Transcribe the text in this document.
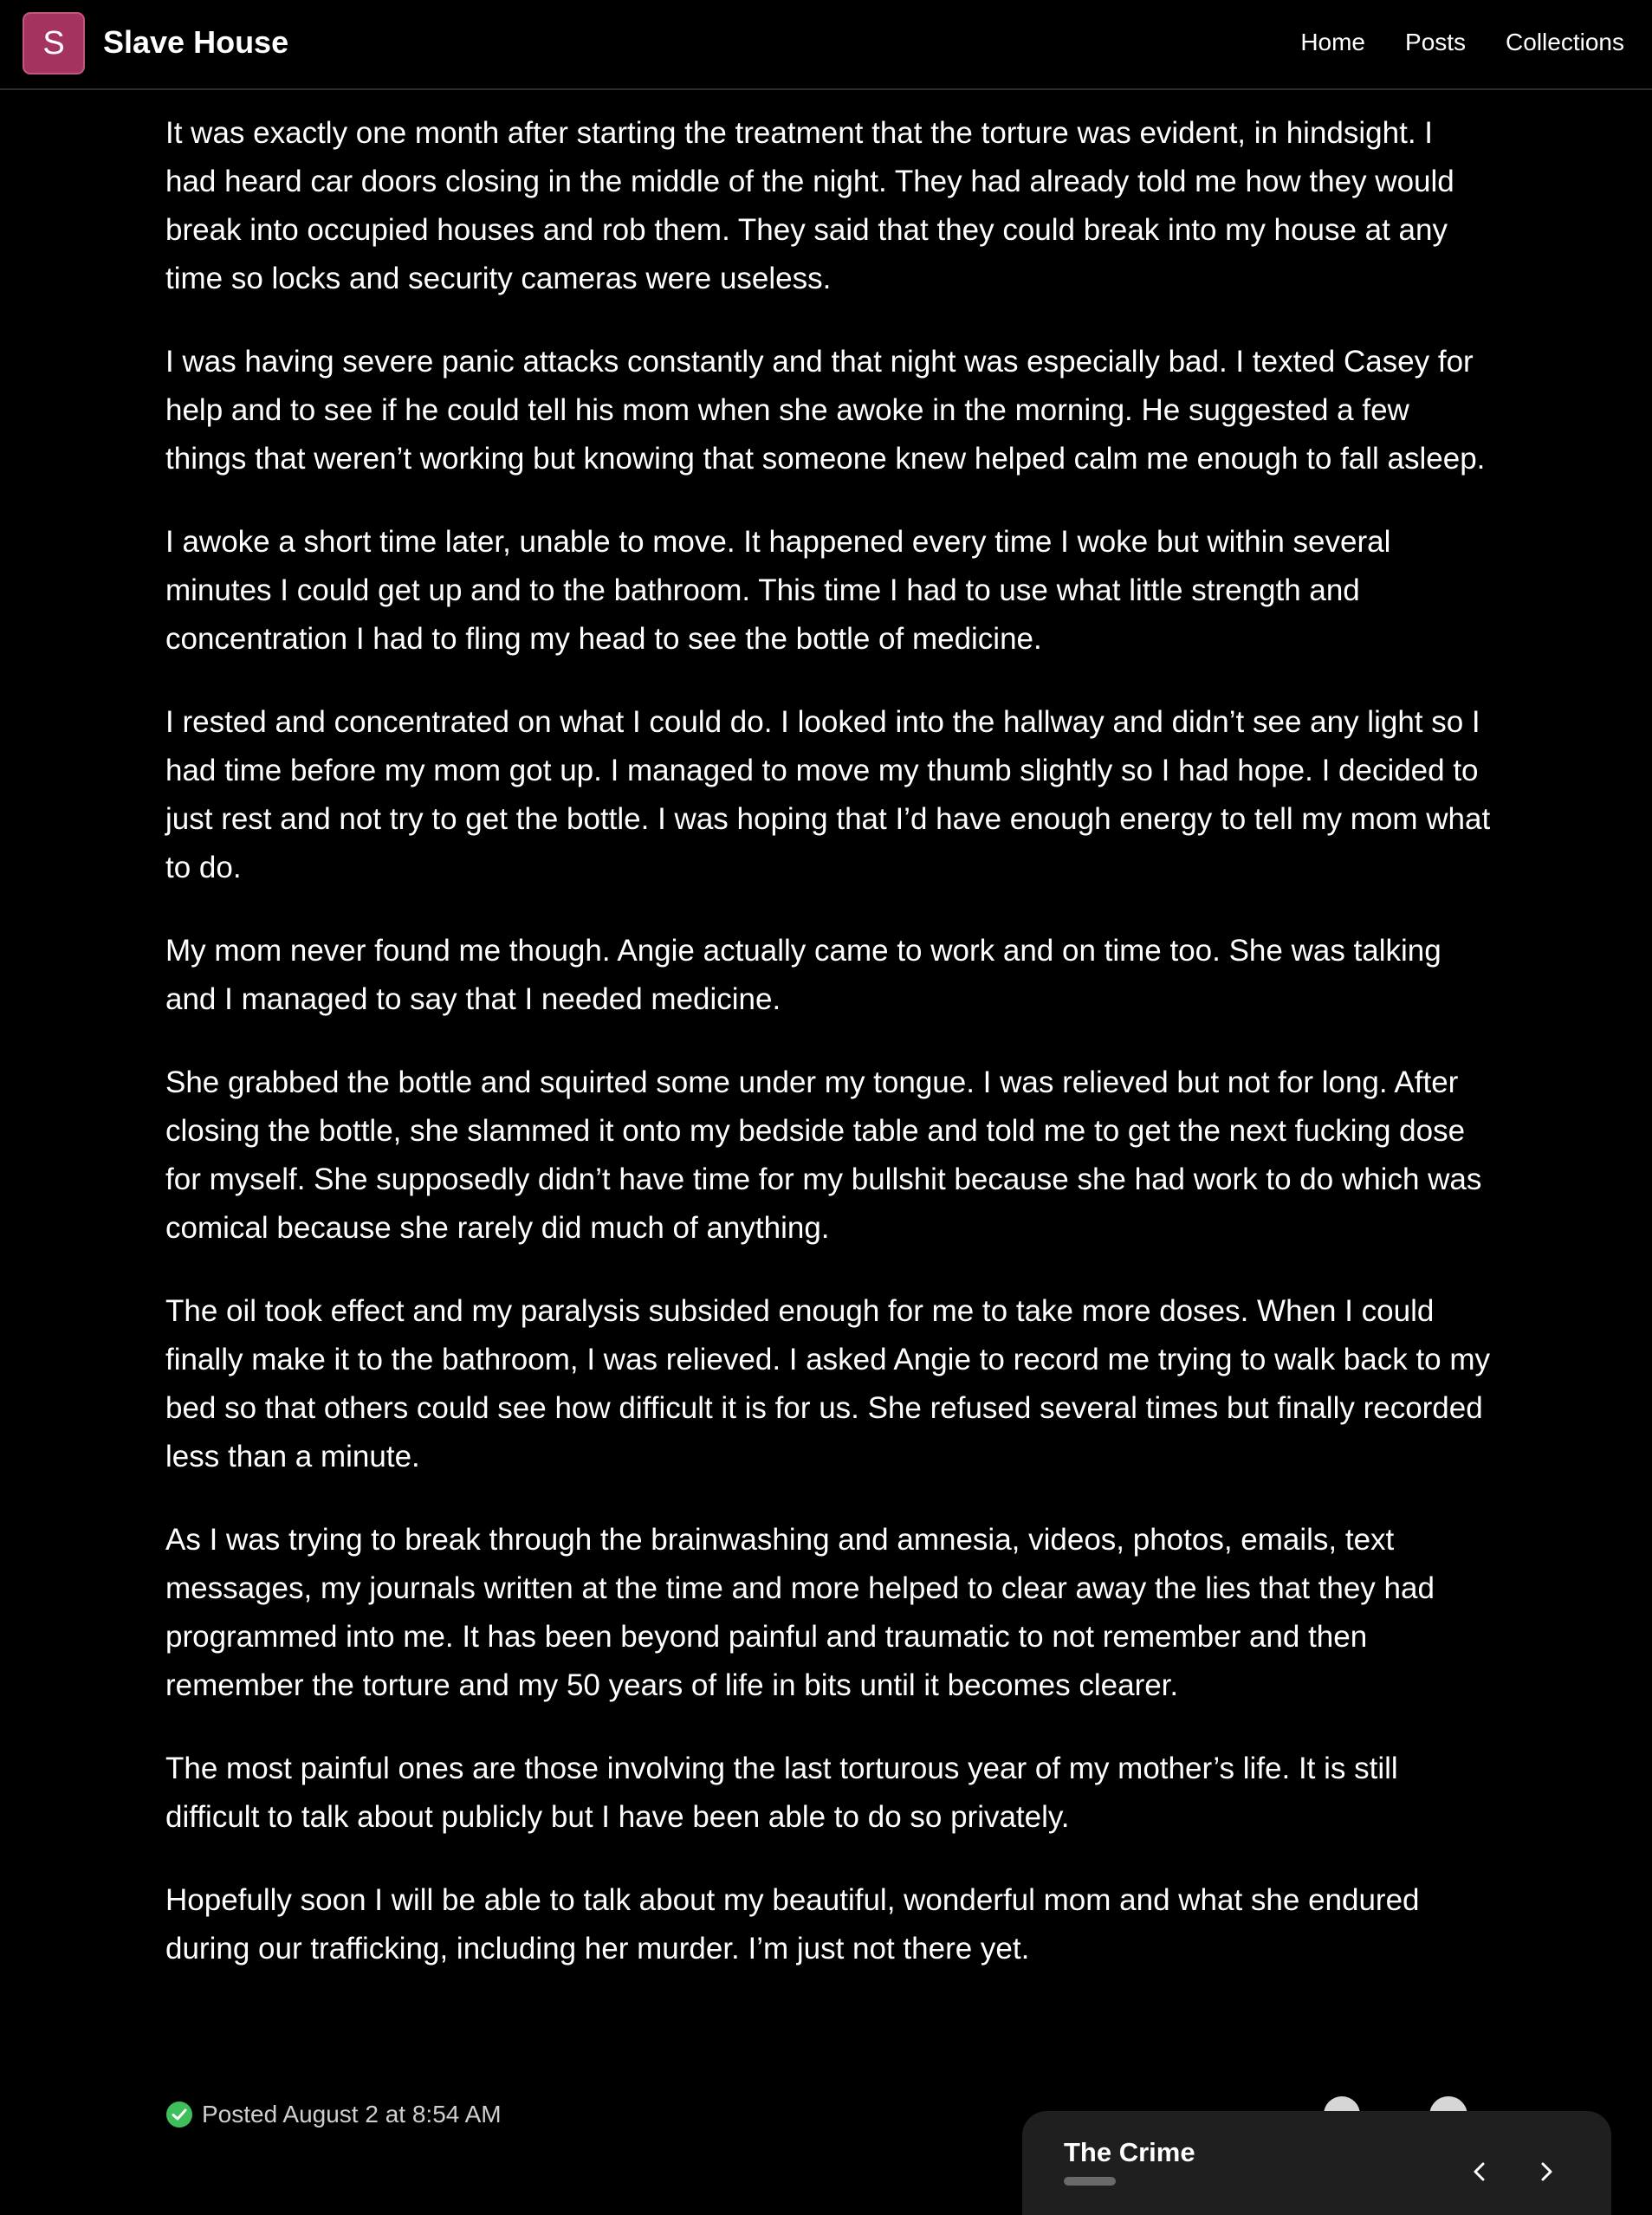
S Slave House	Home Posts Collections

It was exactly one month after starting the treatment that the torture was evident, in hindsight. I had heard car doors closing in the middle of the night. They had already told me how they would break into occupied houses and rob them. They said that they could break into my house at any time so locks and security cameras were useless.

I was having severe panic attacks constantly and that night was especially bad. I texted Casey for help and to see if he could tell his mom when she awoke in the morning. He suggested a few things that weren’t working but knowing that someone knew helped calm me enough to fall asleep.

I awoke a short time later, unable to move. It happened every time I woke but within several minutes I could get up and to the bathroom. This time I had to use what little strength and concentration I had to fling my head to see the bottle of medicine.

I rested and concentrated on what I could do. I looked into the hallway and didn’t see any light so I had time before my mom got up. I managed to move my thumb slightly so I had hope. I decided to just rest and not try to get the bottle. I was hoping that I’d have enough energy to tell my mom what to do.

My mom never found me though. Angie actually came to work and on time too. She was talking and I managed to say that I needed medicine.

She grabbed the bottle and squirted some under my tongue. I was relieved but not for long. After closing the bottle, she slammed it onto my bedside table and told me to get the next fucking dose for myself. She supposedly didn’t have time for my bullshit because she had work to do which was comical because she rarely did much of anything.

The oil took effect and my paralysis subsided enough for me to take more doses. When I could finally make it to the bathroom, I was relieved. I asked Angie to record me trying to walk back to my bed so that others could see how difficult it is for us. She refused several times but finally recorded less than a minute.

As I was trying to break through the brainwashing and amnesia, videos, photos, emails, text messages, my journals written at the time and more helped to clear away the lies that they had programmed into me. It has been beyond painful and traumatic to not remember and then remember the torture and my 50 years of life in bits until it becomes clearer.

The most painful ones are those involving the last torturous year of my mother’s life. It is still difficult to talk about publicly but I have been able to do so privately.

Hopefully soon I will be able to talk about my beautiful, wonderful mom and what she endured during our trafficking, including her murder. I’m just not there yet.

Posted August 2 at 8:54 AM
The Crime
